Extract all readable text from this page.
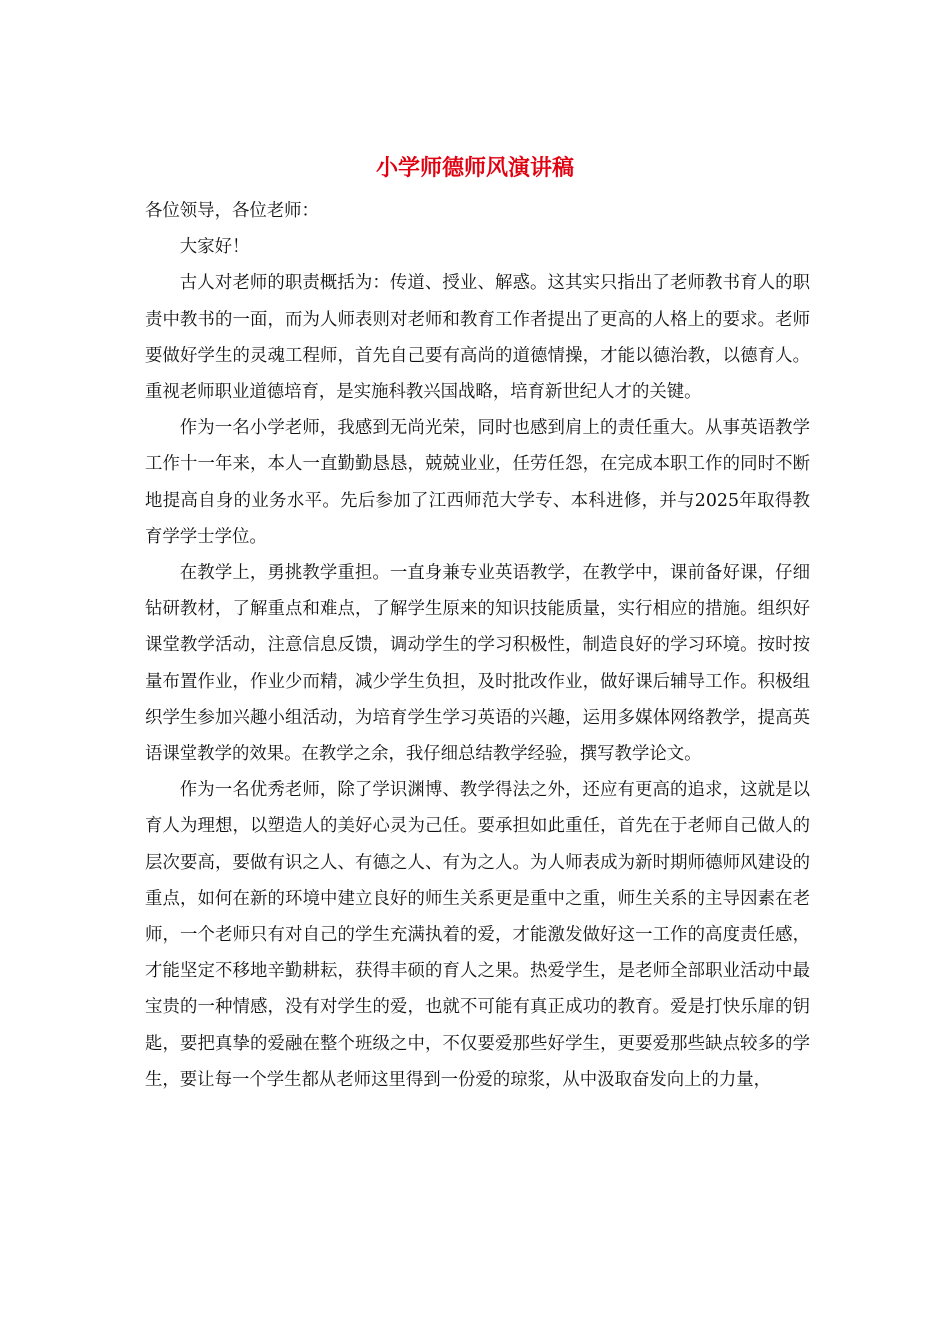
小学师德师风演讲稿

各位领导，各位老师：

大家好！

古人对老师的职责概括为：传道、授业、解惑。这其实只指出了老师教书育人的职责中教书的一面，而为人师表则对老师和教育工作者提出了更高的人格上的要求。老师要做好学生的灵魂工程师，首先自己要有高尚的道德情操，才能以德治教，以德育人。重视老师职业道德培育，是实施科教兴国战略，培育新世纪人才的关键。

作为一名小学老师，我感到无尚光荣，同时也感到肩上的责任重大。从事英语教学工作十一年来，本人一直勤勤恳恳，兢兢业业，任劳任怨，在完成本职工作的同时不断地提高自身的业务水平。先后参加了江西师范大学专、本科进修，并与2025年取得教育学学士学位。

在教学上，勇挑教学重担。一直身兼专业英语教学，在教学中，课前备好课，仔细钻研教材，了解重点和难点，了解学生原来的知识技能质量，实行相应的措施。组织好课堂教学活动，注意信息反馈，调动学生的学习积极性，制造良好的学习环境。按时按量布置作业，作业少而精，减少学生负担，及时批改作业，做好课后辅导工作。积极组织学生参加兴趣小组活动，为培育学生学习英语的兴趣，运用多媒体网络教学，提高英语课堂教学的效果。在教学之余，我仔细总结教学经验，撰写教学论文。

作为一名优秀老师，除了学识渊博、教学得法之外，还应有更高的追求，这就是以育人为理想，以塑造人的美好心灵为己任。要承担如此重任，首先在于老师自己做人的层次要高，要做有识之人、有德之人、有为之人。为人师表成为新时期师德师风建设的重点，如何在新的环境中建立良好的师生关系更是重中之重，师生关系的主导因素在老师，一个老师只有对自己的学生充满执着的爱，才能激发做好这一工作的高度责任感，才能坚定不移地辛勤耕耘，获得丰硕的育人之果。热爱学生，是老师全部职业活动中最宝贵的一种情感，没有对学生的爱，也就不可能有真正成功的教育。爱是打快乐扉的钥匙，要把真挚的爱融在整个班级之中，不仅要爱那些好学生，更要爱那些缺点较多的学生，要让每一个学生都从老师这里得到一份爱的琼浆，从中汲取奋发向上的力量，
